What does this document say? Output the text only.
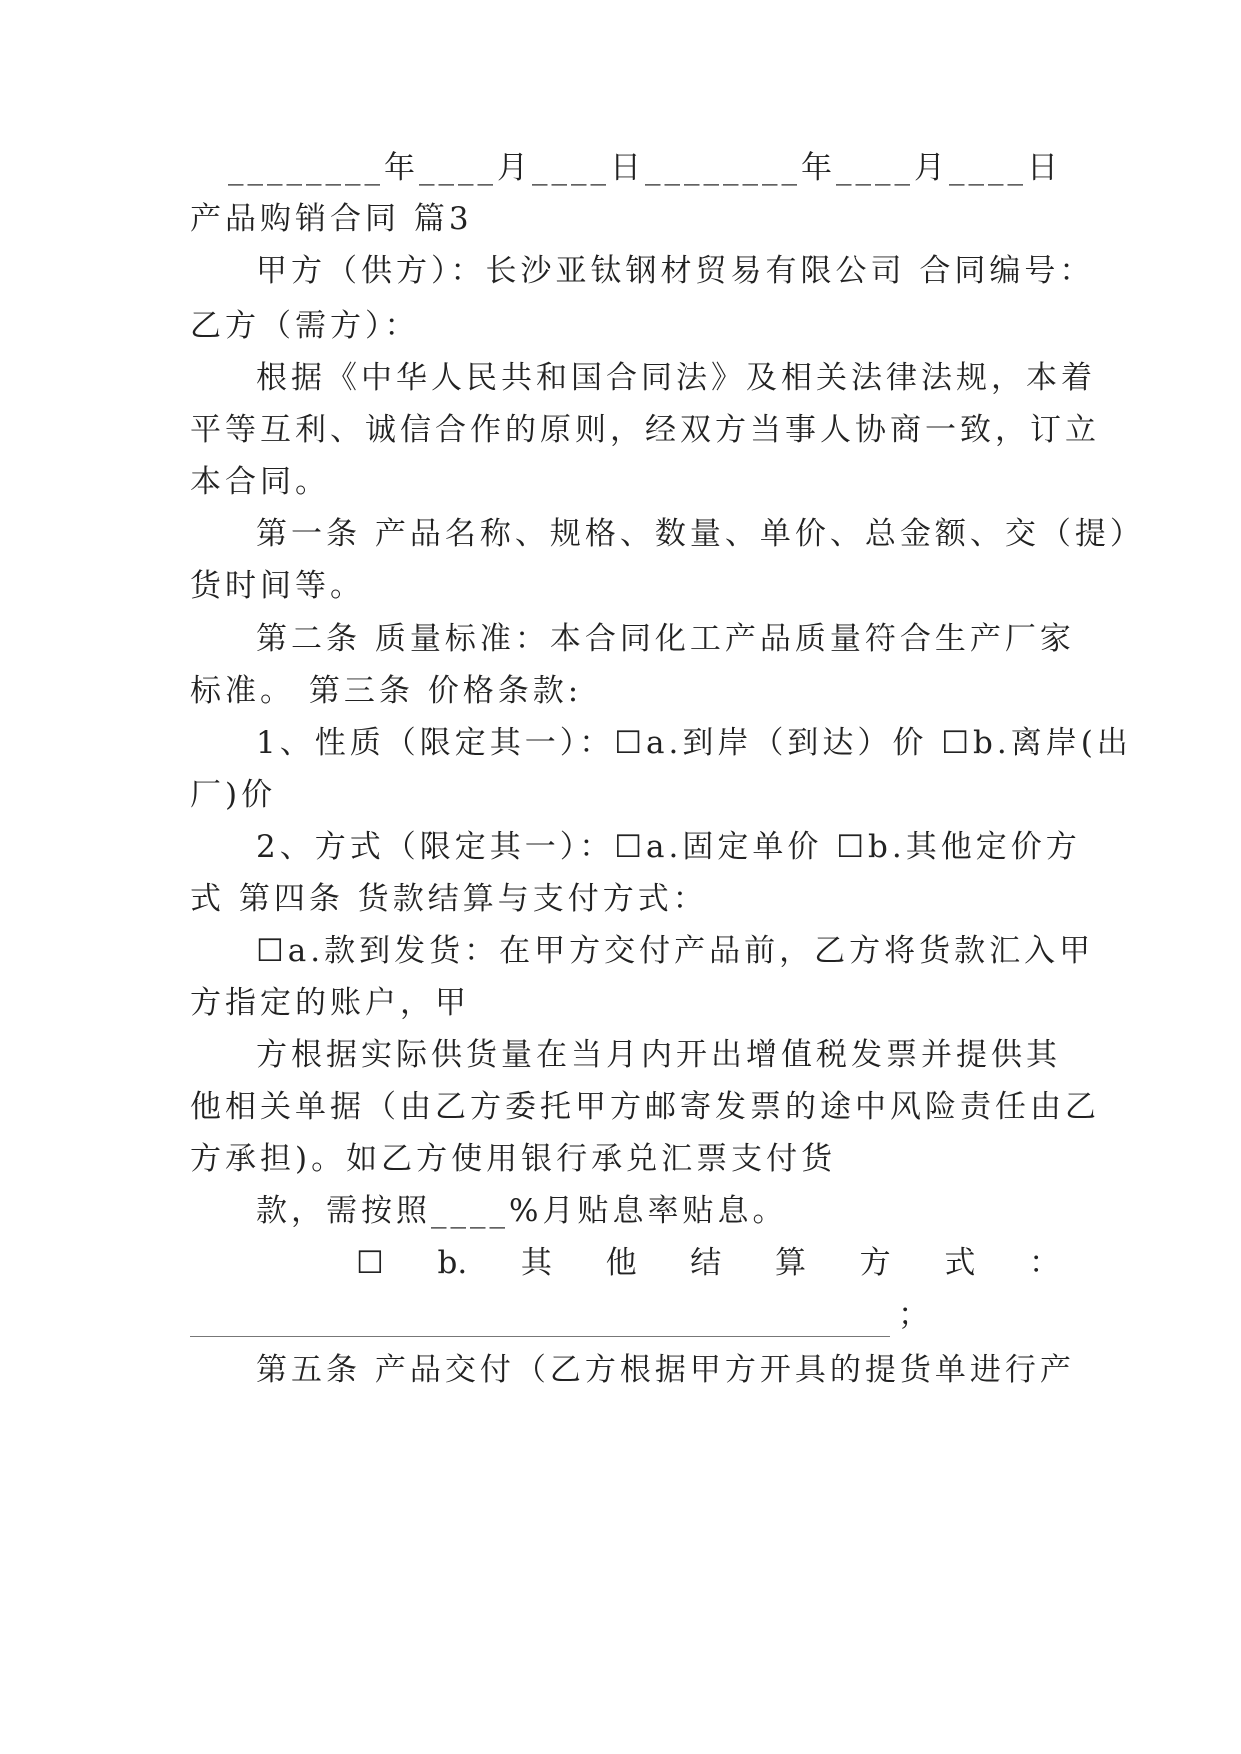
________年____月____日________年____月____日
产品购销合同 篇3
甲方（供方）：长沙亚钛钢材贸易有限公司 合同编号：
乙方（需方）：
根据《中华人民共和国合同法》及相关法律法规，本着
平等互利、诚信合作的原则，经双方当事人协商一致，订立
本合同。
第一条 产品名称、规格、数量、单价、总金额、交（提）
货时间等。
第二条 质量标准：本合同化工产品质量符合生产厂家
标准。 第三条 价格条款:
1、性质（限定其一）：☐a.到岸（到达）价 ☐b.离岸(出
厂)价
2、方式（限定其一）：☐a.固定单价 ☐b.其他定价方
式 第四条 货款结算与支付方式：
☐a.款到发货：在甲方交付产品前，乙方将货款汇入甲
方指定的账户，甲
方根据实际供货量在当月内开出增值税发票并提供其
他相关单据（由乙方委托甲方邮寄发票的途中风险责任由乙
方承担)。如乙方使用银行承兑汇票支付货
款，需按照____%月贴息率贴息。
☐ b. 其 他 结 算 方 式 ：
；
第五条 产品交付（乙方根据甲方开具的提货单进行产
